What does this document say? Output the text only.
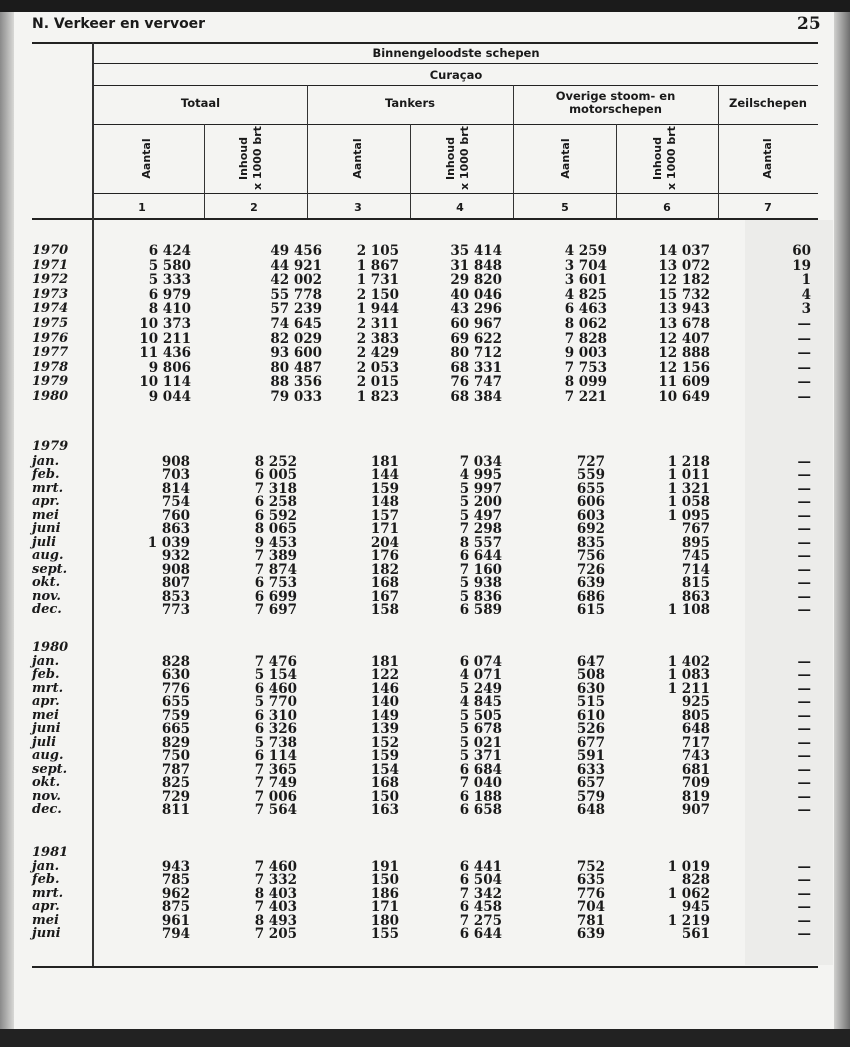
N. Verkeer en vervoer	25
Binnengeloodste schepen
Curaçao
Totaal	Tankers	Overige stoom- en motorschepen	Zeilschepen
Aantal	Inhoud x 1000 brt	Aantal	Inhoud x 1000 brt	Aantal	Inhoud x 1000 brt	Aantal
1	2	3	4	5	6	7
1970	6 424	49 456	2 105	35 414	4 259	14 037	60
1971	5 580	44 921	1 867	31 848	3 704	13 072	19
1972	5 333	42 002	1 731	29 820	3 601	12 182	1
1973	6 979	55 778	2 150	40 046	4 825	15 732	4
1974	8 410	57 239	1 944	43 296	6 463	13 943	3
1975	10 373	74 645	2 311	60 967	8 062	13 678	—
1976	10 211	82 029	2 383	69 622	7 828	12 407	—
1977	11 436	93 600	2 429	80 712	9 003	12 888	—
1978	9 806	80 487	2 053	68 331	7 753	12 156	—
1979	10 114	88 356	2 015	76 747	8 099	11 609	—
1980	9 044	79 033	1 823	68 384	7 221	10 649	—
1979
jan.	908	8 252	181	7 034	727	1 218	—
feb.	703	6 005	144	4 995	559	1 011	—
mrt.	814	7 318	159	5 997	655	1 321	—
apr.	754	6 258	148	5 200	606	1 058	—
mei	760	6 592	157	5 497	603	1 095	—
juni	863	8 065	171	7 298	692	767	—
juli	1 039	9 453	204	8 557	835	895	—
aug.	932	7 389	176	6 644	756	745	—
sept.	908	7 874	182	7 160	726	714	—
okt.	807	6 753	168	5 938	639	815	—
nov.	853	6 699	167	5 836	686	863	—
dec.	773	7 697	158	6 589	615	1 108	—
1980
jan.	828	7 476	181	6 074	647	1 402	—
feb.	630	5 154	122	4 071	508	1 083	—
mrt.	776	6 460	146	5 249	630	1 211	—
apr.	655	5 770	140	4 845	515	925	—
mei	759	6 310	149	5 505	610	805	—
juni	665	6 326	139	5 678	526	648	—
juli	829	5 738	152	5 021	677	717	—
aug.	750	6 114	159	5 371	591	743	—
sept.	787	7 365	154	6 684	633	681	—
okt.	825	7 749	168	7 040	657	709	—
nov.	729	7 006	150	6 188	579	819	—
dec.	811	7 564	163	6 658	648	907	—
1981
jan.	943	7 460	191	6 441	752	1 019	—
feb.	785	7 332	150	6 504	635	828	—
mrt.	962	8 403	186	7 342	776	1 062	—
apr.	875	7 403	171	6 458	704	945	—
mei	961	8 493	180	7 275	781	1 219	—
juni	794	7 205	155	6 644	639	561	—
